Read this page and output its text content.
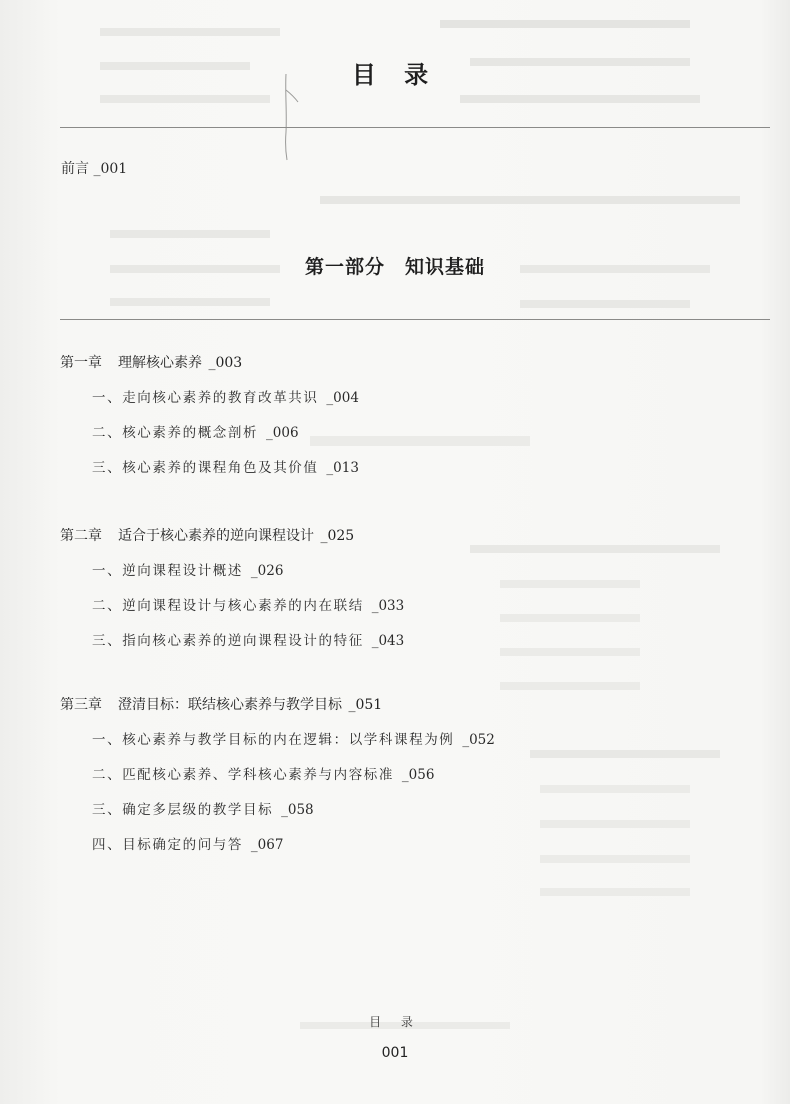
目 录
前言 _001
第一部分　知识基础
第一章 理解核心素养 _003
一、走向核心素养的教育改革共识 _004
二、核心素养的概念剖析 _006
三、核心素养的课程角色及其价值 _013
第二章 适合于核心素养的逆向课程设计 _025
一、逆向课程设计概述 _026
二、逆向课程设计与核心素养的内在联结 _033
三、指向核心素养的逆向课程设计的特征 _043
第三章 澄清目标：联结核心素养与教学目标 _051
一、核心素养与教学目标的内在逻辑：以学科课程为例 _052
二、匹配核心素养、学科核心素养与内容标准 _056
三、确定多层级的教学目标 _058
四、目标确定的问与答 _067
目 录
001
